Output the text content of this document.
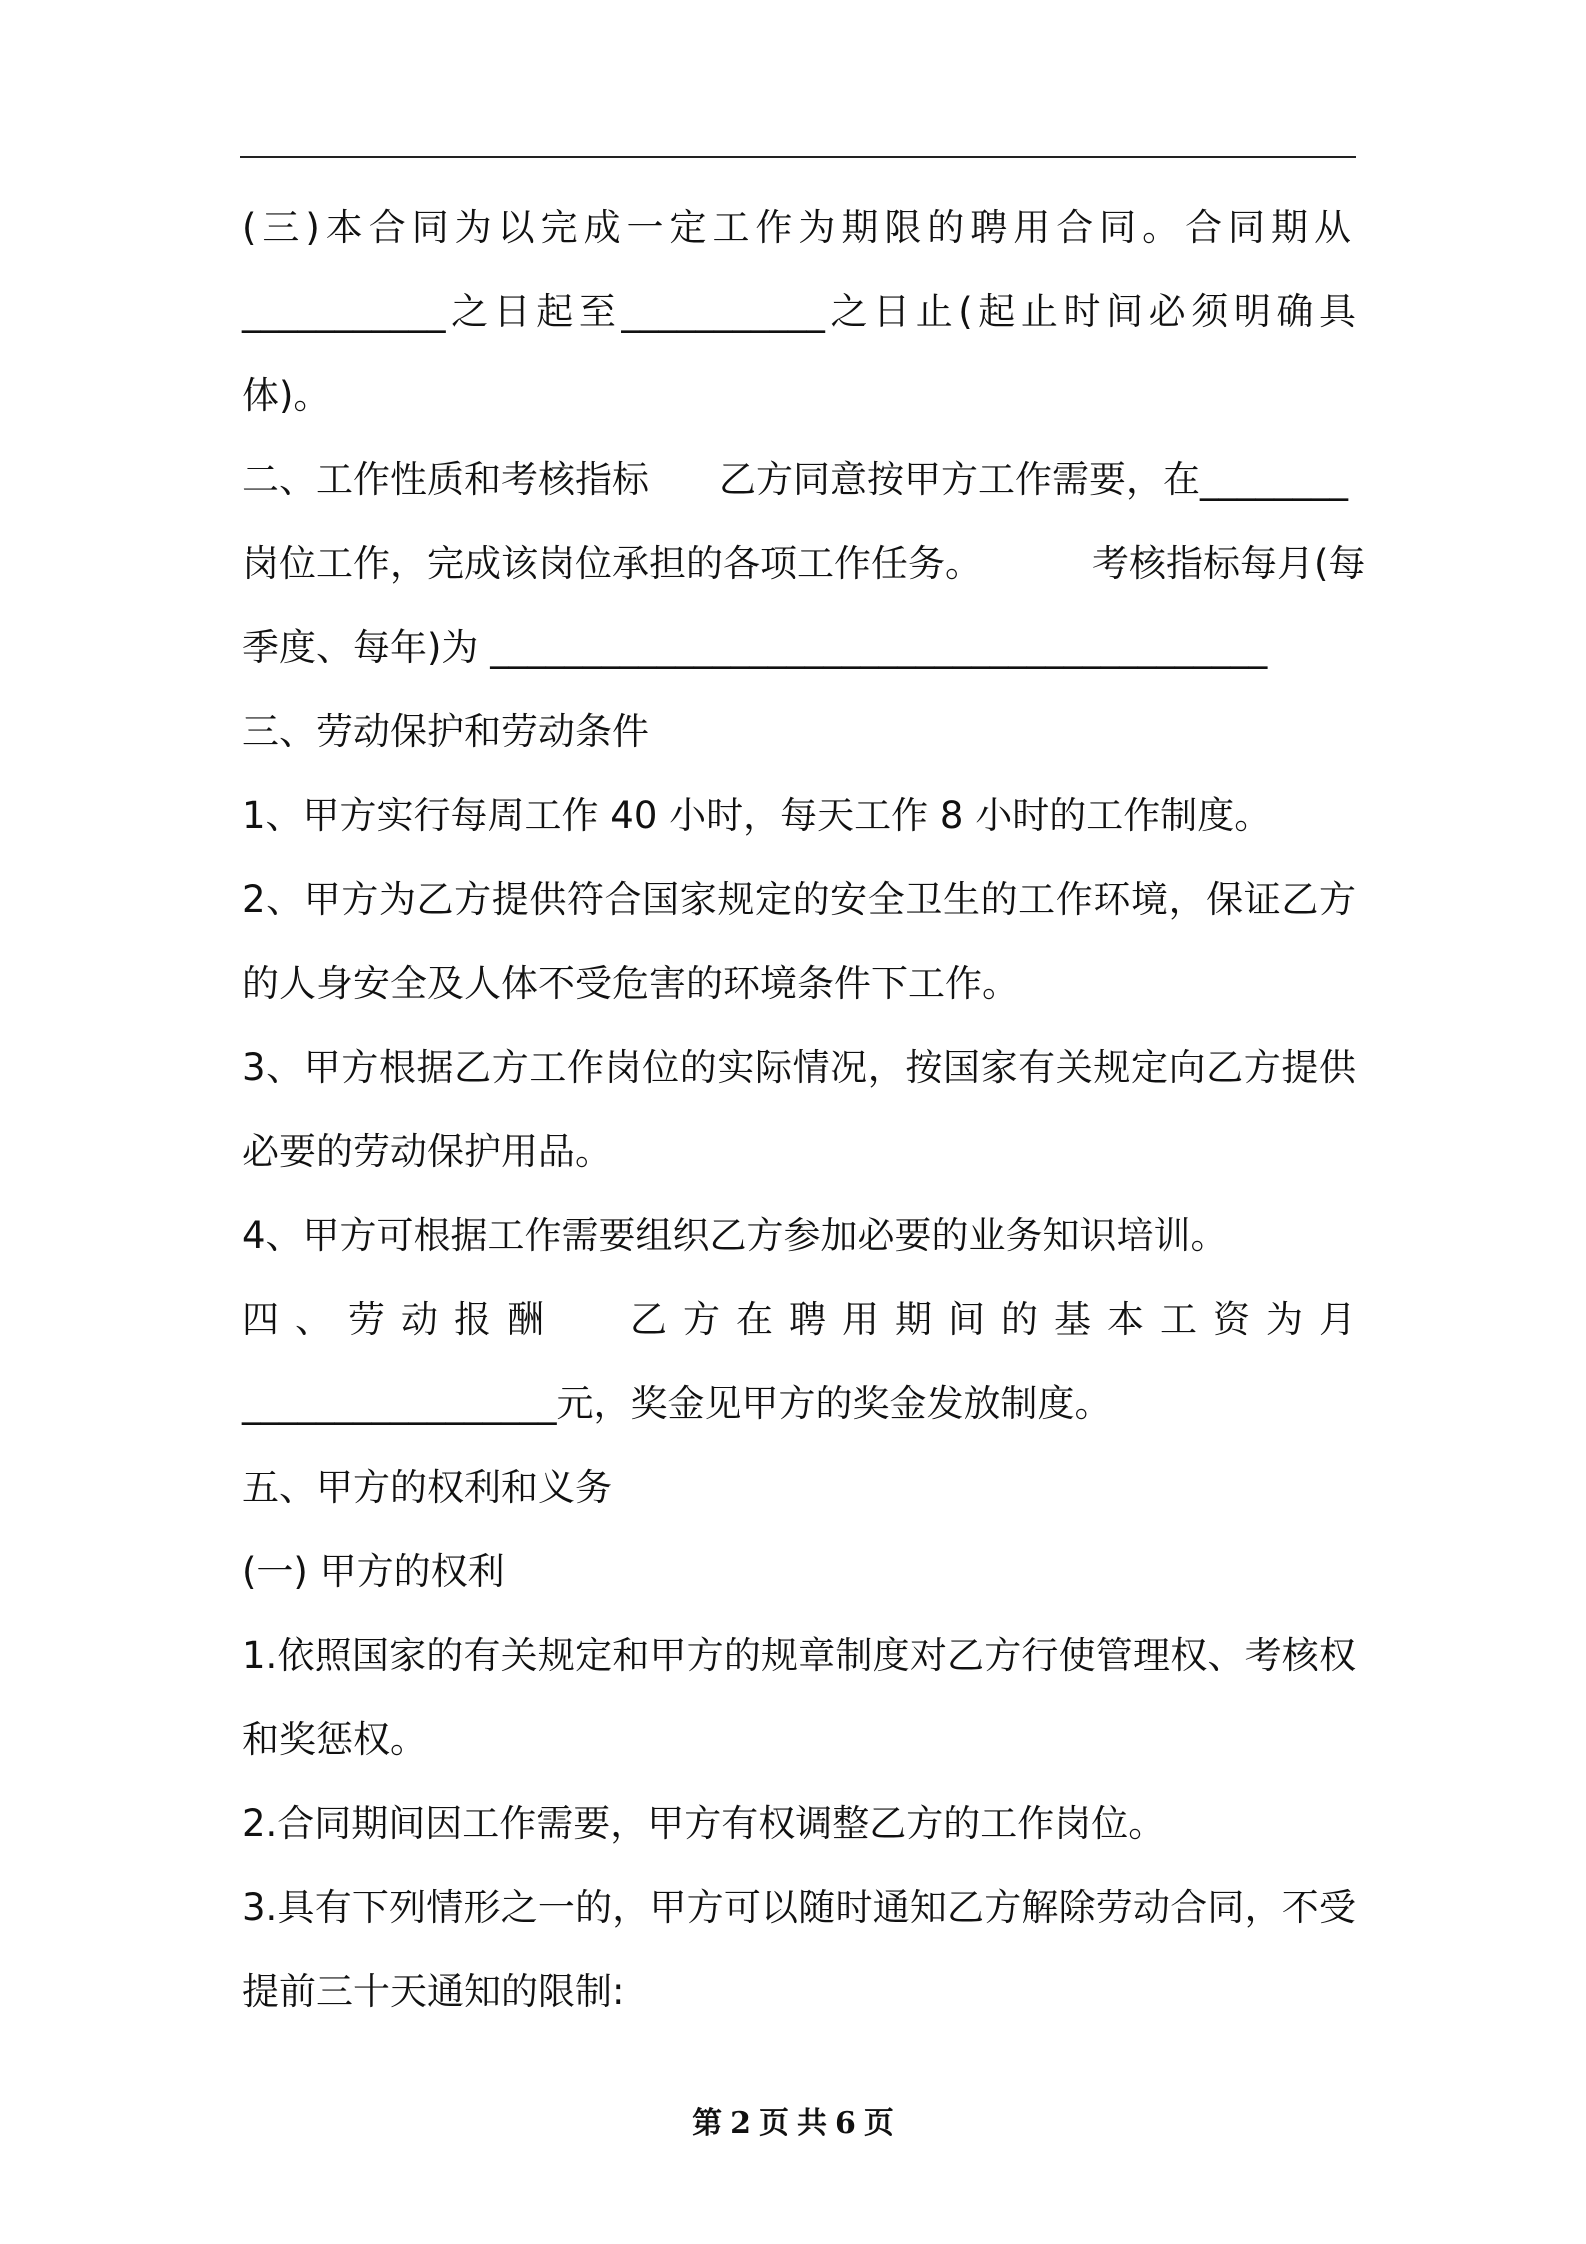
(三)本合同为以完成一定工作为期限的聘用合同。合同期从

___________之日起至___________之日止(起止时间必须明确具

体)。

二、工作性质和考核指标 乙方同意按甲方工作需要，在________

岗位工作，完成该岗位承担的各项工作任务。	考核指标每月(每

季度、每年)为 __________________________________________

三、劳动保护和劳动条件

1、甲方实行每周工作 40 小时，每天工作 8 小时的工作制度。

2、甲方为乙方提供符合国家规定的安全卫生的工作环境，保证乙方

的人身安全及人体不受危害的环境条件下工作。

3、甲方根据乙方工作岗位的实际情况，按国家有关规定向乙方提供

必要的劳动保护用品。

4、甲方可根据工作需要组织乙方参加必要的业务知识培训。

四、劳动报酬 乙方在聘用期间的基本工资为月

_________________元，奖金见甲方的奖金发放制度。

五、甲方的权利和义务

(一) 甲方的权利

1.依照国家的有关规定和甲方的规章制度对乙方行使管理权、考核权

和奖惩权。

2.合同期间因工作需要，甲方有权调整乙方的工作岗位。

3.具有下列情形之一的，甲方可以随时通知乙方解除劳动合同，不受

提前三十天通知的限制:

第 2 页 共 6 页
